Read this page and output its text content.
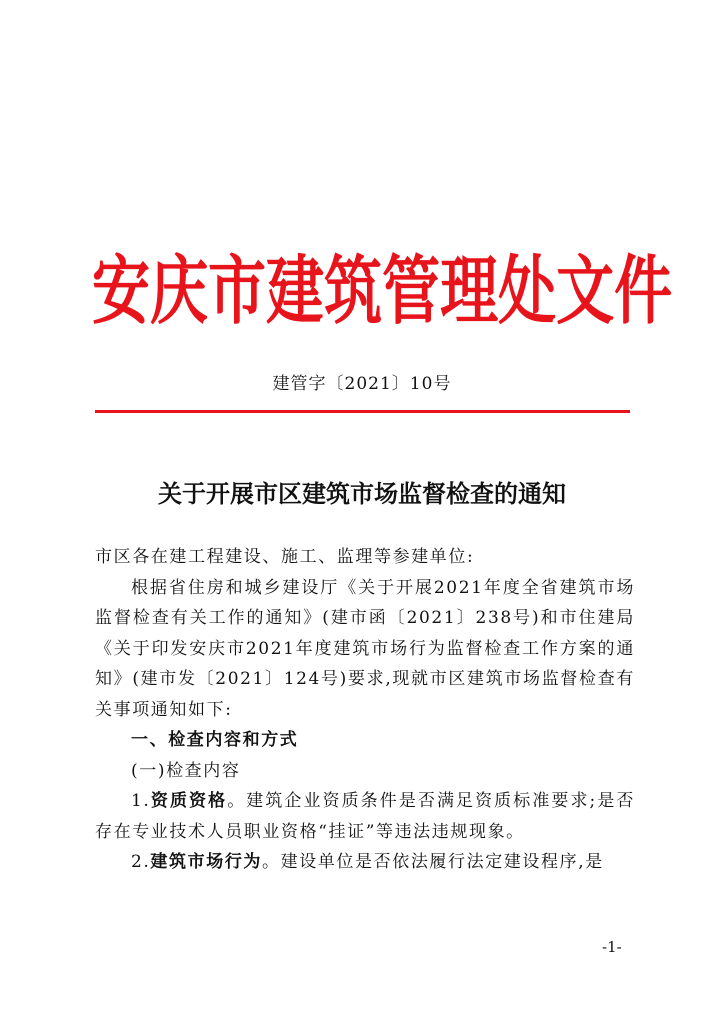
安 庆 市 建 筑 管 理 处 文 件
建管字〔2021〕10号
关于开展市区建筑市场监督检查的通知

市区各在建工程建设、施工、监理等参建单位:

根据省住房和城乡建设厅《关于开展2021年度全省建筑市场监督检查有关工作的通知》(建市函〔2021〕238号)和市住建局《关于印发安庆市2021年度建筑市场行为监督检查工作方案的通知》(建市发〔2021〕124号)要求,现就市区建筑市场监督检查有关事项通知如下:

一、检查内容和方式

(一)检查内容

1.资质资格。建筑企业资质条件是否满足资质标准要求;是否存在专业技术人员职业资格“挂证”等违法违规现象。

2.建筑市场行为。建设单位是否依法履行法定建设程序,是

-1-
